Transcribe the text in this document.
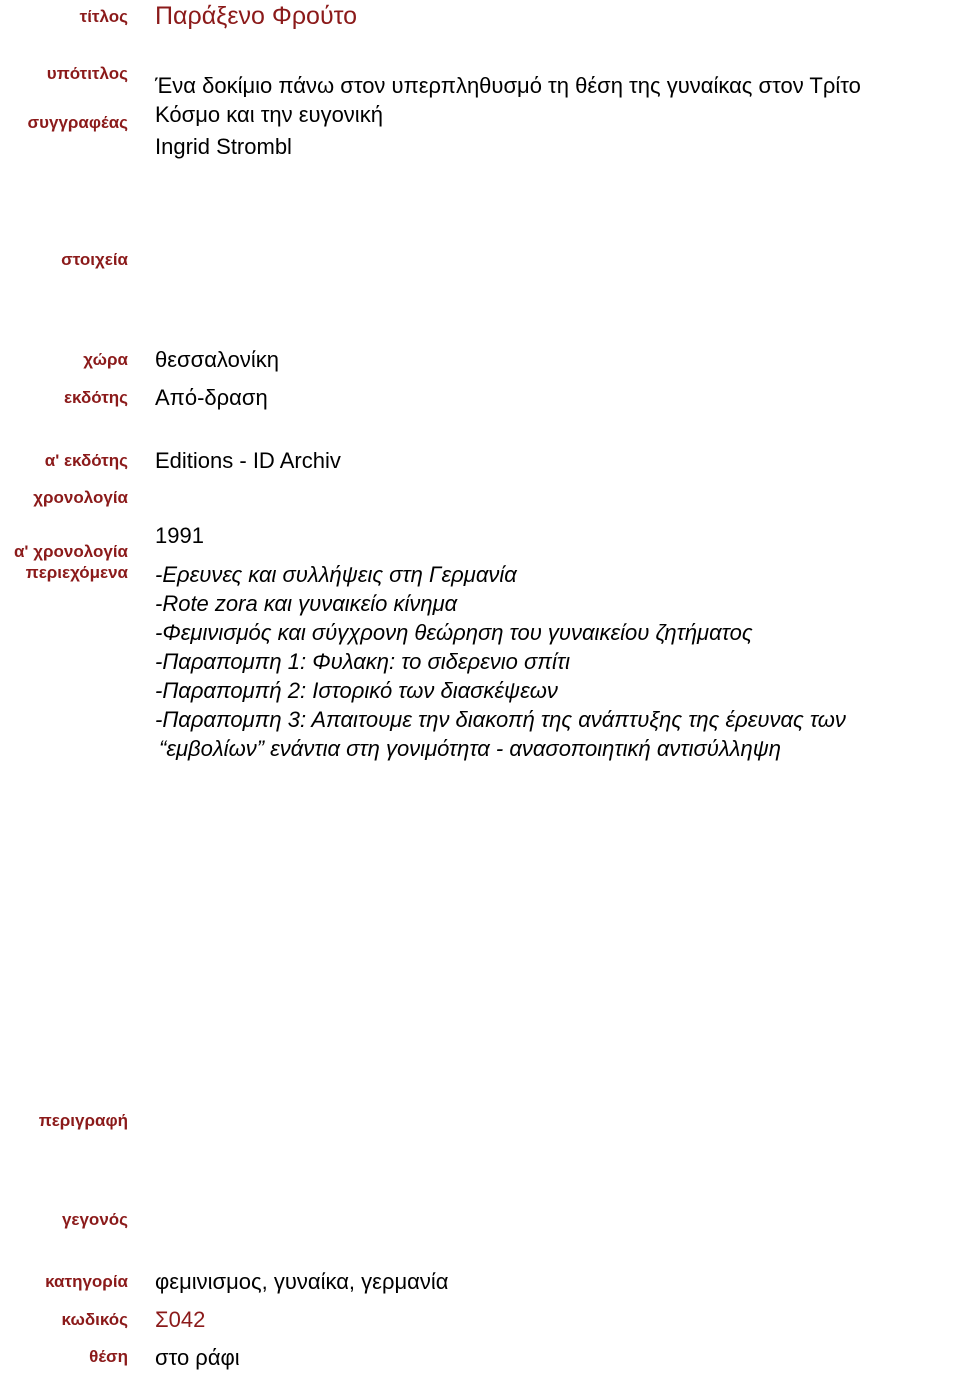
τίτλος
υπότιτλος
συγγραφέας
στοιχεία
χώρα
εκδότης
α' εκδότης
χρονολογία
α' χρονολογία
περιεχόμενα
περιγραφή
γεγονός
κατηγορία
κωδικός
θέση
Παράξενο Φρούτο
Ένα δοκίμιο πάνω στον υπερπληθυσμό τη θέση της γυναίκας στον Τρίτο
Κόσμο και την ευγονική
Ingrid Strombl
θεσσαλονίκη
Από-δραση
Editions - ID Archiv
1991
-Ερευνες και συλλήψεις στη Γερμανία
-Rote zora και γυναικείο κίνημα
-Φεμινισμός και σύγχρονη θεώρηση του γυναικείου ζητήματος
-Παραπομπη 1: Φυλακη: το σιδερενιο σπίτι
-Παραπομπή 2: Ιστορικό των διασκέψεων
-Παραπομπη 3: Απαιτουμε την διακοπή της ανάπτυξης της έρευνας των
“εμβολίων” ενάντια στη γονιμότητα - ανασοποιητική αντισύλληψη
φεμινισμος, γυναίκα, γερμανία
Σ042
στο ράφι
